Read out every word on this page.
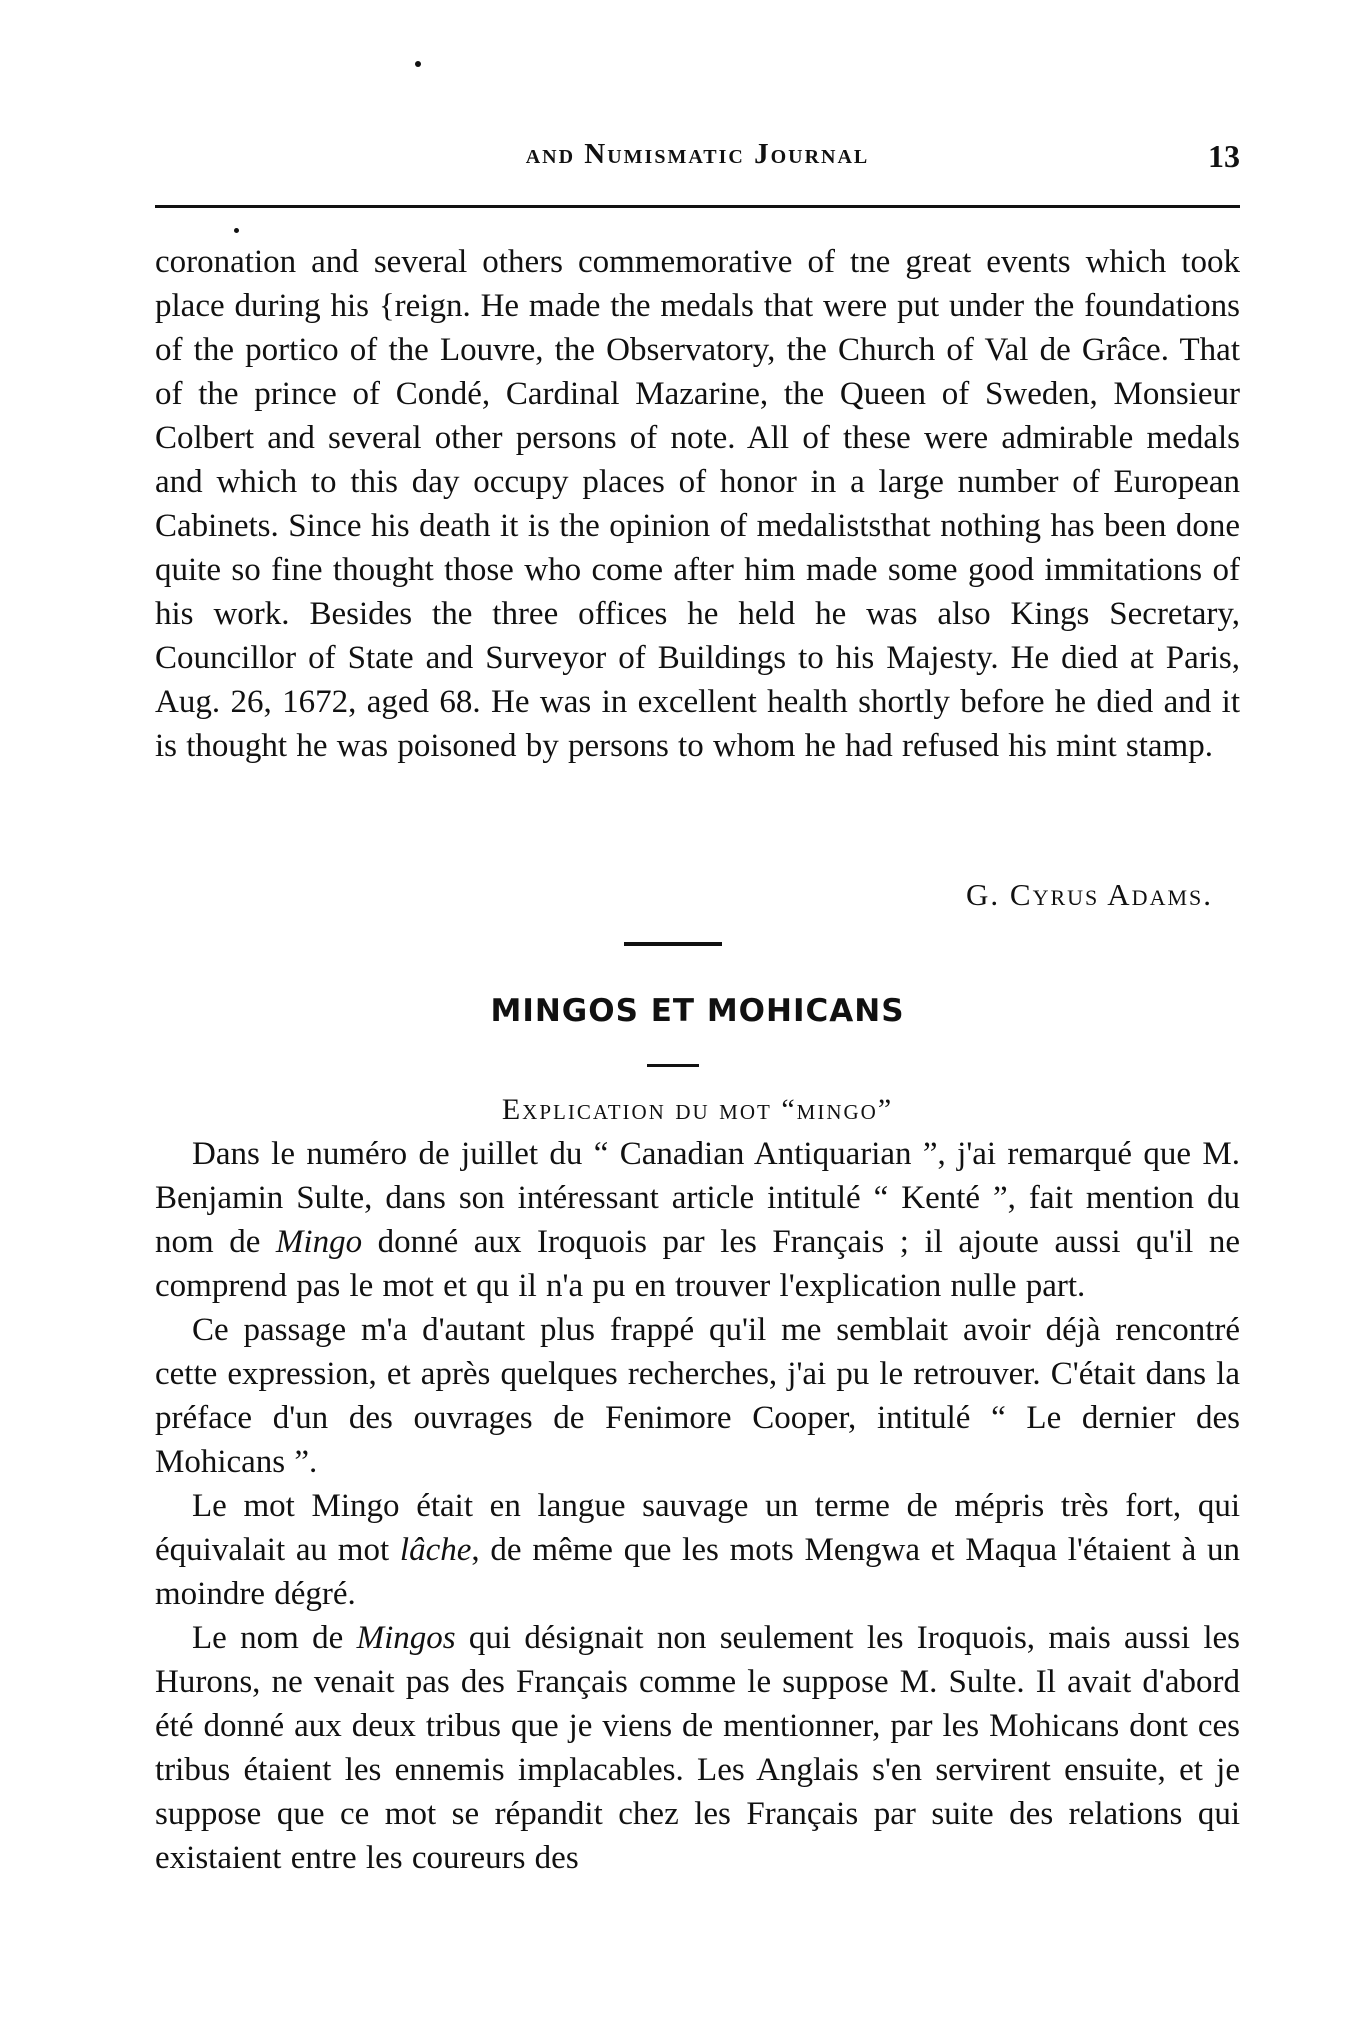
and Numismatic Journal	13

coronation and several others commemorative of tne great events which took place during his {reign. He made the medals that were put under the foundations of the portico of the Louvre, the Observatory, the Church of Val de Grâce. That of the prince of Condé, Cardinal Mazarine, the Queen of Sweden, Monsieur Colbert and several other persons of note. All of these were admirable medals and which to this day occupy places of honor in a large number of European Cabinets. Since his death it is the opinion of medaliststhat nothing has been done quite so fine thought those who come after him made some good immitations of his work. Besides the three offices he held he was also Kings Secretary, Councillor of State and Surveyor of Buildings to his Majesty. He died at Paris, Aug. 26, 1672, aged 68. He was in excellent health shortly before he died and it is thought he was poisoned by persons to whom he had refused his mint stamp.

G. Cyrus Adams.
MINGOS ET MOHICANS
Explication du mot “mingo”

Dans le numéro de juillet du “ Canadian Antiquarian ”, j'ai remarqué que M. Benjamin Sulte, dans son intéressant article intitulé “ Kenté ”, fait mention du nom de Mingo donné aux Iroquois par les Français ; il ajoute aussi qu'il ne comprend pas le mot et qu il n'a pu en trouver l'explication nulle part.

Ce passage m'a d'autant plus frappé qu'il me semblait avoir déjà rencontré cette expression, et après quelques recherches, j'ai pu le retrouver. C'était dans la préface d'un des ouvrages de Fenimore Cooper, intitulé “ Le dernier des Mohicans ”.

Le mot Mingo était en langue sauvage un terme de mépris très fort, qui équivalait au mot lâche, de même que les mots Mengwa et Maqua l'étaient à un moindre dégré.

Le nom de Mingos qui désignait non seulement les Iroquois, mais aussi les Hurons, ne venait pas des Français comme le suppose M. Sulte. Il avait d'abord été donné aux deux tribus que je viens de mentionner, par les Mohicans dont ces tribus étaient les ennemis implacables. Les Anglais s'en servirent ensuite, et je suppose que ce mot se répandit chez les Français par suite des relations qui existaient entre les coureurs des
